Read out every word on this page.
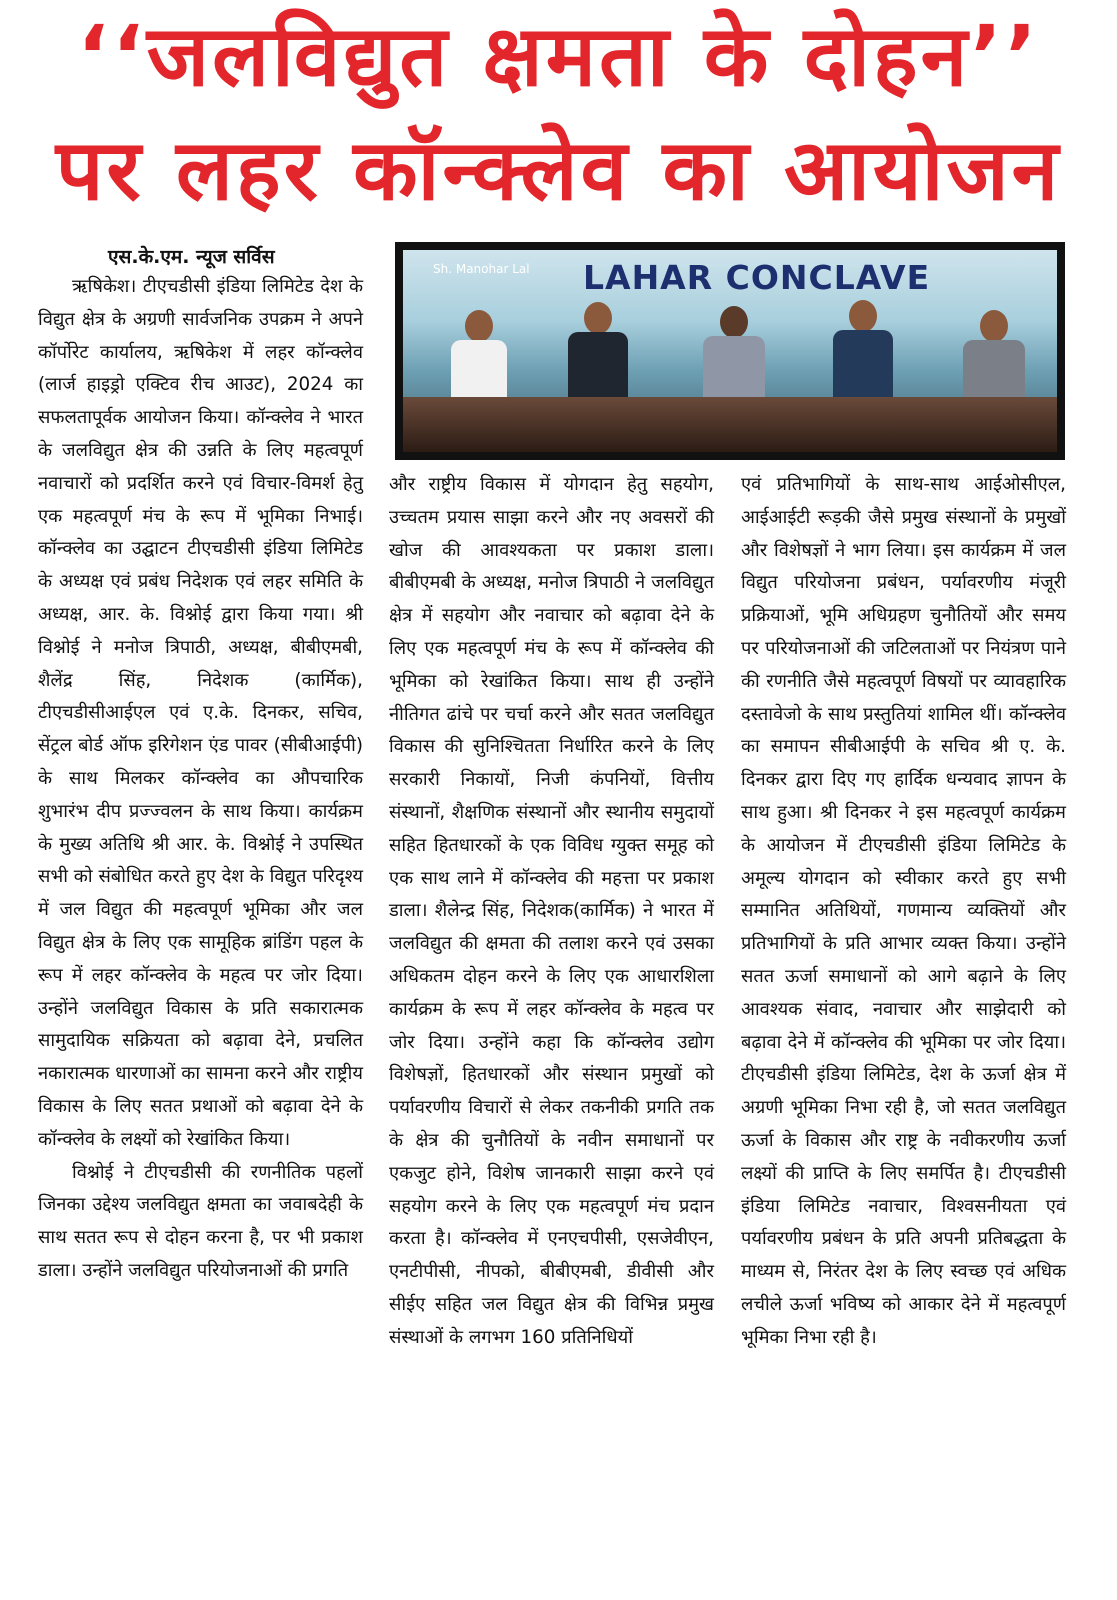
‘‘जलविद्युत क्षमता के दोहन’’
पर लहर कॉन्क्लेव का आयोजन
एस.के.एम. न्यूज सर्विस
Sh. Manohar Lal LAHAR CONCLAVE

ऋषिकेश। टीएचडीसी इंडिया लिमिटेड देश के विद्युत क्षेत्र के अग्रणी सार्वजनिक उपक्रम ने अपने कॉर्पोरेट कार्यालय, ऋषिकेश में लहर कॉन्क्लेव (लार्ज हाइड्रो एक्टिव रीच आउट), 2024 का सफलतापूर्वक आयोजन किया। कॉन्क्लेव ने भारत के जलविद्युत क्षेत्र की उन्नति के लिए महत्वपूर्ण नवाचारों को प्रदर्शित करने एवं विचार-विमर्श हेतु एक महत्वपूर्ण मंच के रूप में भूमिका निभाई। कॉन्क्लेव का उद्घाटन टीएचडीसी इंडिया लिमिटेड के अध्यक्ष एवं प्रबंध निदेशक एवं लहर समिति के अध्यक्ष, आर. के. विश्नोई द्वारा किया गया। श्री विश्नोई ने मनोज त्रिपाठी, अध्यक्ष, बीबीएमबी, शैलेंद्र सिंह, निदेशक (कार्मिक), टीएचडीसीआईएल एवं ए.के. दिनकर, सचिव, सेंट्रल बोर्ड ऑफ इरिगेशन एंड पावर (सीबीआईपी) के साथ मिलकर कॉन्क्लेव का औपचारिक शुभारंभ दीप प्रज्ज्वलन के साथ किया। कार्यक्रम के मुख्य अतिथि श्री आर. के. विश्नोई ने उपस्थित सभी को संबोधित करते हुए देश के विद्युत परिदृश्य में जल विद्युत की महत्वपूर्ण भूमिका और जल विद्युत क्षेत्र के लिए एक सामूहिक ब्रांडिंग पहल के रूप में लहर कॉन्क्लेव के महत्व पर जोर दिया। उन्होंने जलविद्युत विकास के प्रति सकारात्मक सामुदायिक सक्रियता को बढ़ावा देने, प्रचलित नकारात्मक धारणाओं का सामना करने और राष्ट्रीय विकास के लिए सतत प्रथाओं को बढ़ावा देने के कॉन्क्लेव के लक्ष्यों को रेखांकित किया।

विश्नोई ने टीएचडीसी की रणनीतिक पहलों जिनका उद्देश्य जलविद्युत क्षमता का जवाबदेही के साथ सतत रूप से दोहन करना है, पर भी प्रकाश डाला। उन्होंने जलविद्युत परियोजनाओं की प्रगति

और राष्ट्रीय विकास में योगदान हेतु सहयोग, उच्चतम प्रयास साझा करने और नए अवसरों की खोज की आवश्यकता पर प्रकाश डाला। बीबीएमबी के अध्यक्ष, मनोज त्रिपाठी ने जलविद्युत क्षेत्र में सहयोग और नवाचार को बढ़ावा देने के लिए एक महत्वपूर्ण मंच के रूप में कॉन्क्लेव की भूमिका को रेखांकित किया। साथ ही उन्होंने नीतिगत ढांचे पर चर्चा करने और सतत जलविद्युत विकास की सुनिश्चितता निर्धारित करने के लिए सरकारी निकायों, निजी कंपनियों, वित्तीय संस्थानों, शैक्षणिक संस्थानों और स्थानीय समुदायों सहित हितधारकों के एक विविध ग्युक्त समूह को एक साथ लाने में कॉन्क्लेव की महत्ता पर प्रकाश डाला। शैलेन्द्र सिंह, निदेशक(कार्मिक) ने भारत में जलविद्युत की क्षमता की तलाश करने एवं उसका अधिकतम दोहन करने के लिए एक आधारशिला कार्यक्रम के रूप में लहर कॉन्क्लेव के महत्व पर जोर दिया। उन्होंने कहा कि कॉन्क्लेव उद्योग विशेषज्ञों, हितधारकों और संस्थान प्रमुखों को पर्यावरणीय विचारों से लेकर तकनीकी प्रगति तक के क्षेत्र की चुनौतियों के नवीन समाधानों पर एकजुट होने, विशेष जानकारी साझा करने एवं सहयोग करने के लिए एक महत्वपूर्ण मंच प्रदान करता है। कॉन्क्लेव में एनएचपीसी, एसजेवीएन, एनटीपीसी, नीपको, बीबीएमबी, डीवीसी और सीईए सहित जल विद्युत क्षेत्र की विभिन्न प्रमुख संस्थाओं के लगभग 160 प्रतिनिधियों

एवं प्रतिभागियों के साथ-साथ आईओसीएल, आईआईटी रूड़की जैसे प्रमुख संस्थानों के प्रमुखों और विशेषज्ञों ने भाग लिया। इस कार्यक्रम में जल विद्युत परियोजना प्रबंधन, पर्यावरणीय मंजूरी प्रक्रियाओं, भूमि अधिग्रहण चुनौतियों और समय पर परियोजनाओं की जटिलताओं पर नियंत्रण पाने की रणनीति जैसे महत्वपूर्ण विषयों पर व्यावहारिक दस्तावेजो के साथ प्रस्तुतियां शामिल थीं। कॉन्क्लेव का समापन सीबीआईपी के सचिव श्री ए. के. दिनकर द्वारा दिए गए हार्दिक धन्यवाद ज्ञापन के साथ हुआ। श्री दिनकर ने इस महत्वपूर्ण कार्यक्रम के आयोजन में टीएचडीसी इंडिया लिमिटेड के अमूल्य योगदान को स्वीकार करते हुए सभी सम्मानित अतिथियों, गणमान्य व्यक्तियों और प्रतिभागियों के प्रति आभार व्यक्त किया। उन्होंने सतत ऊर्जा समाधानों को आगे बढ़ाने के लिए आवश्यक संवाद, नवाचार और साझेदारी को बढ़ावा देने में कॉन्क्लेव की भूमिका पर जोर दिया। टीएचडीसी इंडिया लिमिटेड, देश के ऊर्जा क्षेत्र में अग्रणी भूमिका निभा रही है, जो सतत जलविद्युत ऊर्जा के विकास और राष्ट्र के नवीकरणीय ऊर्जा लक्ष्यों की प्राप्ति के लिए समर्पित है। टीएचडीसी इंडिया लिमिटेड नवाचार, विश्वसनीयता एवं पर्यावरणीय प्रबंधन के प्रति अपनी प्रतिबद्धता के माध्यम से, निरंतर देश के लिए स्वच्छ एवं अधिक लचीले ऊर्जा भविष्य को आकार देने में महत्वपूर्ण भूमिका निभा रही है।
